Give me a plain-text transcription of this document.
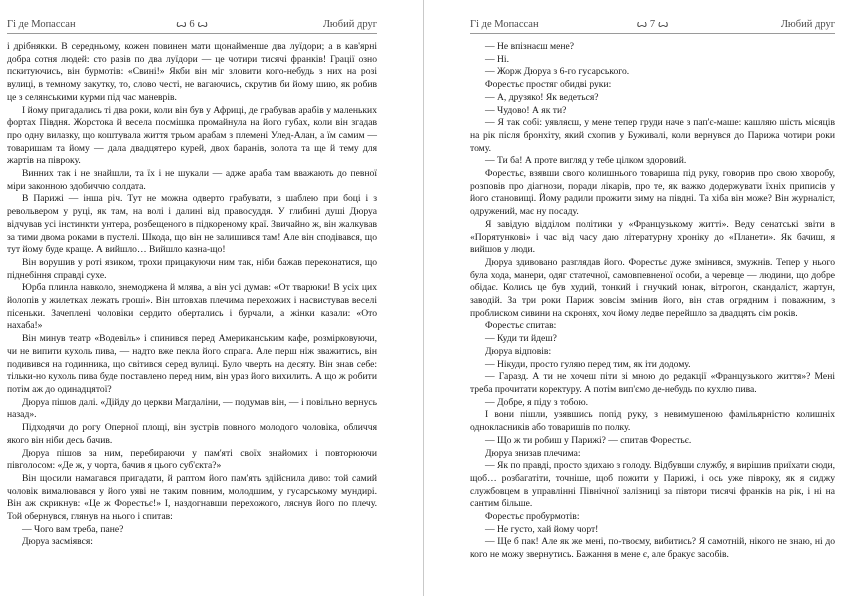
Гі де Мопассан	ꙍ 6 ꙍ	Любий друг

і дрібнякки. В середньому, кожен повинен мати щонайменше два луїдори; а в кав'ярні добра сотня людей: сто разів по два луїдори — це чотири тисячі франків! Грації озно пскитуючись, він бурмотів: «Свині!» Якби він міг зловити кого-небудь з них на розі вулиці, в темному закутку, то, слово честі, не вагаючись, скрутив би йому шию, як робив це з селянськими курми під час маневрів.

І йому пригадались ті два роки, коли він був у Африці, де грабував арабів у маленьких фортах Півдня. Жорстока й весела посмішка промайнула на його губах, коли він згадав про одну вилазку, що коштувала життя трьом арабам з племені Улед-Алан, а їм самим — товаришам та йому — дала двадцятеро курей, двох баранів, золота та ще й тему для жартів на півроку.

Винних так і не знайшли, та їх і не шукали — адже араба там вважають до певної міри законною здобиччю солдата.

В Парижі — інша річ. Тут не можна одверто грабувати, з шаблею при боці і з револьвером у руці, як там, на волі і далині від правосуддя. У глибині душі Дюруа відчував усі інстинкти унтера, розбещеного в підкореному краї. Звичайно ж, він жалкував за тими двома роками в пустелі. Шкода, що він не залишився там! Але він сподівався, що тут йому буде краще. А вийшло… Вийшло казна-що!

Він ворушив у роті язиком, трохи прицакуючи ним так, ніби бажав переконатися, що піднебіння справді сухе.

Юрба плинла навколо, знемоджена й млява, а він усі думав: «От тварюки! В усіх цих йолопів у жилетках лежать гроші». Він штовхав плечима перехожих і насвистував веселі пісеньки. Зачеплені чоловіки сердито обертались і бурчали, а жінки казали: «Ото нахаба!»

Він минув театр «Водевіль» і спинився перед Американським кафе, розмірковуючи, чи не випити кухоль пива, — надто вже пекла його спрага. Але перш ніж зважитись, він подивився на годинника, що світився серед вулиці. Було чверть на десяту. Він знав себе: тільки-но кухоль пива буде поставлено перед ним, він ураз його вихилить. А що ж робити потім аж до одинадцятої?

Дюруа пішов далі. «Дійду до церкви Магдаліни, — подумав він, — і повільно вернусь назад».

Підходячи до рогу Оперної площі, він зустрів повного молодого чоловіка, обличчя якого він ніби десь бачив.

Дюруа пішов за ним, перебираючи у пам'яті своїх знайомих і повторюючи півголосом: «Де ж, у чорта, бачив я цього суб'єкта?»

Він щосили намагався пригадати, й раптом його пам'ять здійснила диво: той самий чоловік вималювався у його уяві не таким повним, молодшим, у гусарському мундирі. Він аж скрикнув: «Це ж Форестьє!» І, наздогнавши перехожого, ляснув його по плечу. Той обернувся, глянув на нього і спитав:

— Чого вам треба, пане?

Дюруа засміявся:

Гі де Мопассан	ꙍ 7 ꙍ	Любий друг

— Не впізнаєш мене?

— Ні.

— Жорж Дюруа з 6-го гусарського.

Форестьє простяг обидві руки:

— А, друзяко! Як ведеться?

— Чудово! А як ти?

— Я так собі: уявляєш, у мене тепер груди наче з пап'є-маше: кашляю шість місяців на рік після бронхіту, який схопив у Буживалі, коли вернувся до Парижа чотири роки тому.

— Ти ба! А проте вигляд у тебе цілком здоровий.

Форестьє, взявши свого колишнього товариша під руку, говорив про свою хворобу, розповів про діагнози, поради лікарів, про те, як важко додержувати їхніх приписів у його становищі. Йому радили прожити зиму на півдні. Та хіба він може? Він журналіст, одружений, має ну посаду.

Я завідую відділом політики у «Французькому житті». Веду сенатські звіти в «Порятункові» і час від часу даю літературну хроніку до «Планети». Як бачиш, я вийшов у люди.

Дюруа здивовано разглядав його. Форестьє дуже змінився, змужнів. Тепер у нього була хода, манери, одяг статечної, самовпевненої особи, а черевце — людини, що добре обідає. Колись це був худий, тонкий і гнучкий юнак, вітрогон, скандаліст, жартун, заводій. За три роки Париж зовсім змінив його, він став огрядним і поважним, з проблиском сивини на скронях, хоч йому ледве перейшло за двадцять сім років.

Форестьє спитав:

— Куди ти йдеш?

Дюруа відповів:

— Нікуди, просто гуляю перед тим, як іти додому.

— Гаразд. А ти не хочеш піти зі мною до редакції «Французького життя»? Мені треба прочитати коректуру. А потім вип'ємо де-небудь по кухлю пива.

— Добре, я піду з тобою.

І вони пішли, узявшись попід руку, з невимушеною фамільярністю колишніх однокласників або товаришів по полку.

— Що ж ти робиш у Парижі? — спитав Форестьє.

Дюруа знизав плечима:

— Як по правді, просто здихаю з голоду. Відбувши службу, я вирішив приїхати сюди, щоб… розбагатіти, точніше, щоб пожити у Парижі, і ось уже півроку, як я сиджу службовцем в управлінні Північної залізниці за півтори тисячі франків на рік, і ні на сантим більше.

Форестьє пробурмотів:

— Не густо, хай йому чорт!

— Ще б пак! Але як же мені, по-твоєму, вибитись? Я самотній, нікого не знаю, ні до кого не можу звернутись. Бажання в мене є, але бракує засобів.
